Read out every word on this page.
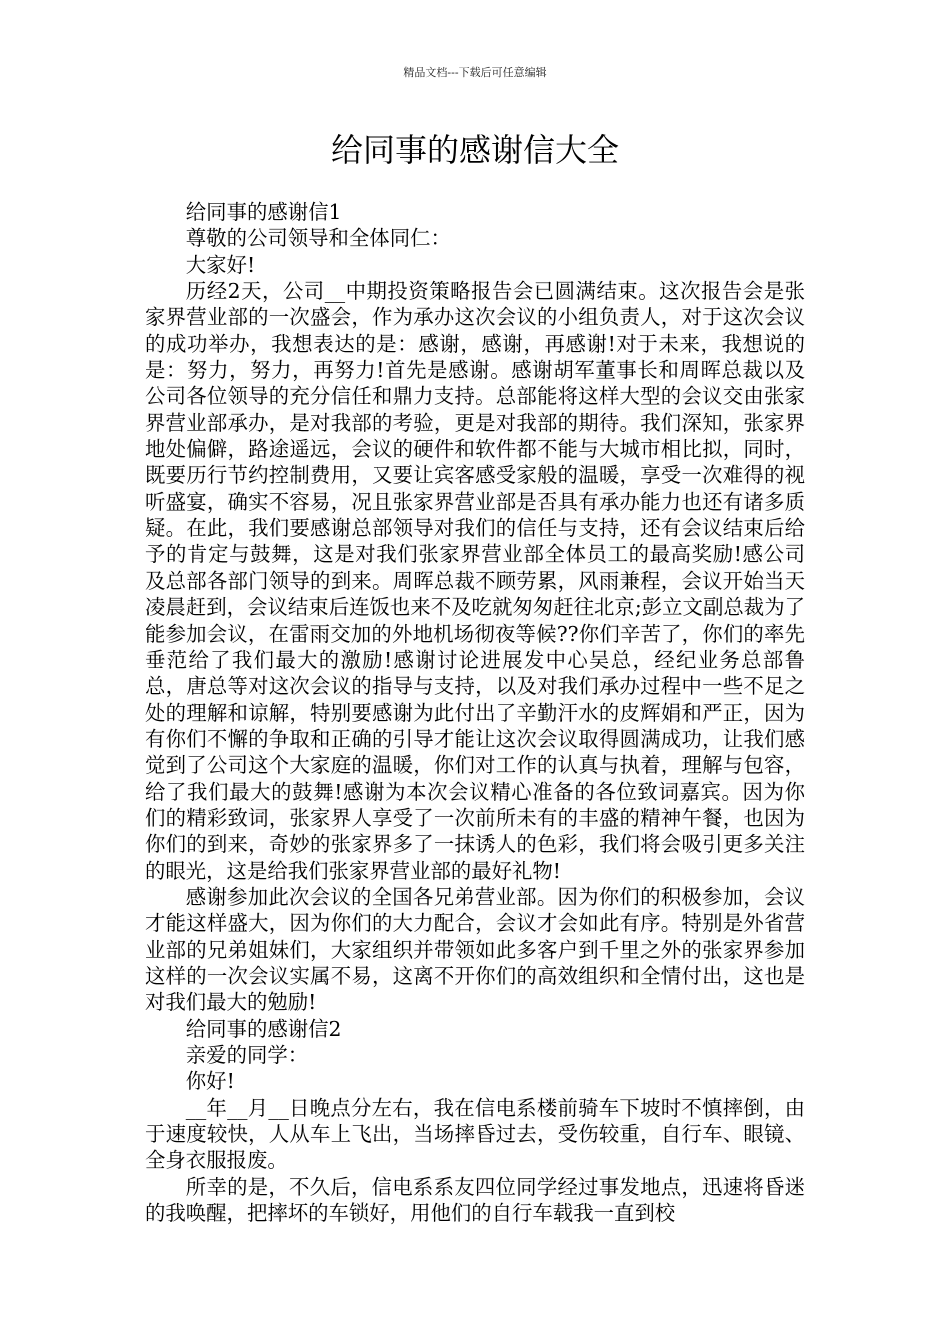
精品文档---下载后可任意编辑
给同事的感谢信大全

给同事的感谢信1

尊敬的公司领导和全体同仁：

大家好!

历经2天，公司__中期投资策略报告会已圆满结束。这次报告会是张家界营业部的一次盛会，作为承办这次会议的小组负责人，对于这次会议的成功举办，我想表达的是：感谢，感谢，再感谢!对于未来，我想说的是：努力，努力，再努力!首先是感谢。感谢胡军董事长和周晖总裁以及公司各位领导的充分信任和鼎力支持。总部能将这样大型的会议交由张家界营业部承办，是对我部的考验，更是对我部的期待。我们深知，张家界地处偏僻，路途遥远，会议的硬件和软件都不能与大城市相比拟，同时，既要历行节约控制费用，又要让宾客感受家般的温暖，享受一次难得的视听盛宴，确实不容易，况且张家界营业部是否具有承办能力也还有诸多质疑。在此，我们要感谢总部领导对我们的信任与支持，还有会议结束后给予的肯定与鼓舞，这是对我们张家界营业部全体员工的最高奖励!感公司及总部各部门领导的到来。周晖总裁不顾劳累，风雨兼程，会议开始当天凌晨赶到，会议结束后连饭也来不及吃就匆匆赶往北京;彭立文副总裁为了能参加会议，在雷雨交加的外地机场彻夜等候??你们辛苦了，你们的率先垂范给了我们最大的激励!感谢讨论进展发中心吴总，经纪业务总部鲁总，唐总等对这次会议的指导与支持，以及对我们承办过程中一些不足之处的理解和谅解，特别要感谢为此付出了辛勤汗水的皮辉娟和严正，因为有你们不懈的争取和正确的引导才能让这次会议取得圆满成功，让我们感觉到了公司这个大家庭的温暖，你们对工作的认真与执着，理解与包容，给了我们最大的鼓舞!感谢为本次会议精心准备的各位致词嘉宾。因为你们的精彩致词，张家界人享受了一次前所未有的丰盛的精神午餐，也因为你们的到来，奇妙的张家界多了一抹诱人的色彩，我们将会吸引更多关注的眼光，这是给我们张家界营业部的最好礼物!

感谢参加此次会议的全国各兄弟营业部。因为你们的积极参加，会议才能这样盛大，因为你们的大力配合，会议才会如此有序。特别是外省营业部的兄弟姐妹们，大家组织并带领如此多客户到千里之外的张家界参加这样的一次会议实属不易，这离不开你们的高效组织和全情付出，这也是对我们最大的勉励!

给同事的感谢信2

亲爱的同学：

你好!

__年__月__日晚点分左右，我在信电系楼前骑车下坡时不慎摔倒，由于速度较快，人从车上飞出，当场摔昏过去，受伤较重，自行车、眼镜、全身衣服报废。

所幸的是，不久后，信电系系友四位同学经过事发地点，迅速将昏迷的我唤醒，把摔坏的车锁好，用他们的自行车载我一直到校
